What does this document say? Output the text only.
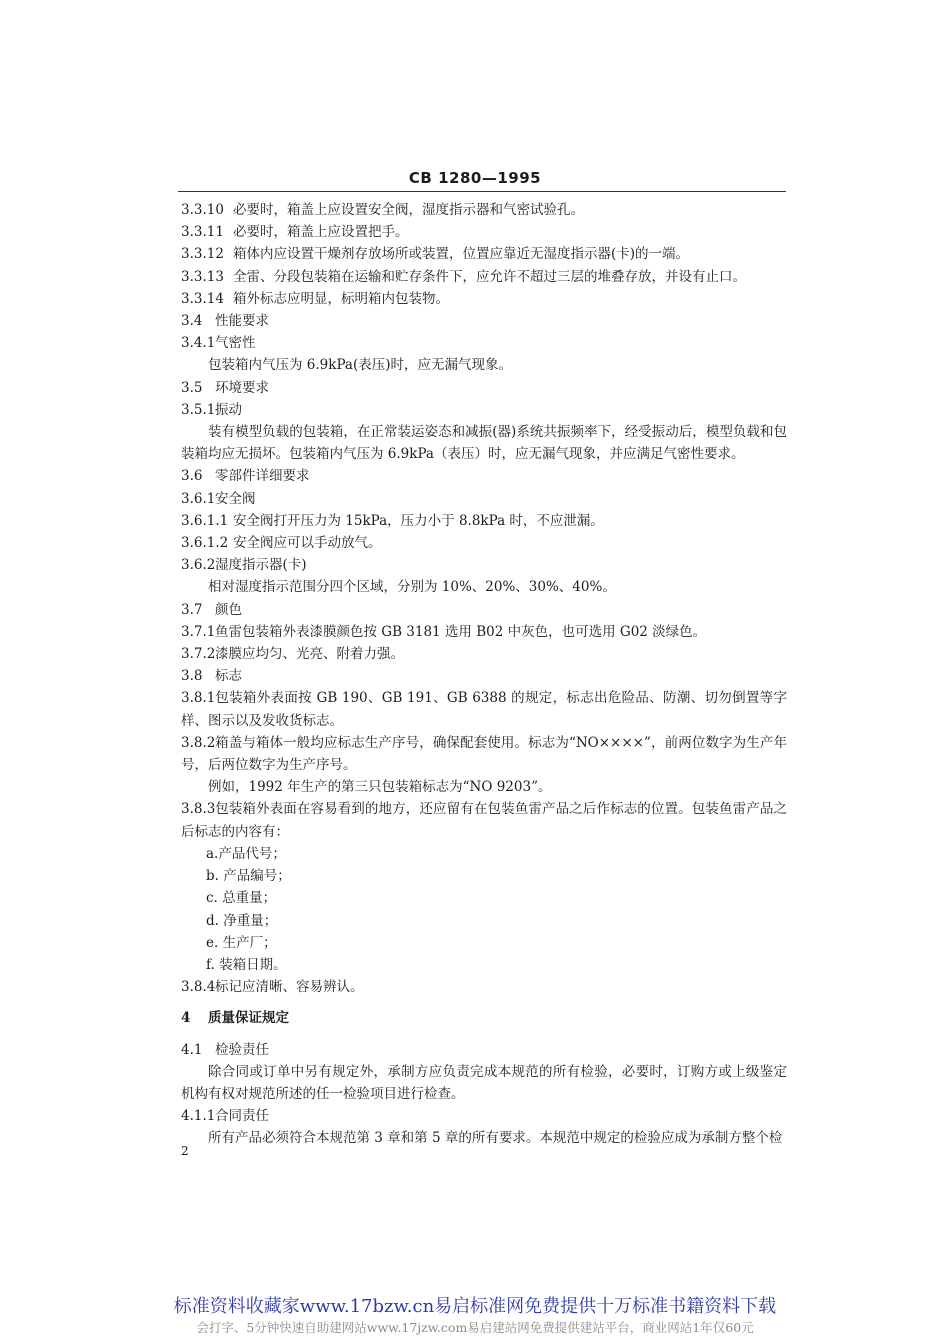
CB 1280—1995
3.3.10 必要时，箱盖上应设置安全阀，湿度指示器和气密试验孔。
3.3.11 必要时，箱盖上应设置把手。
3.3.12 箱体内应设置干燥剂存放场所或装置，位置应靠近无湿度指示器(卡)的一端。
3.3.13 全雷、分段包装箱在运输和贮存条件下，应允许不超过三层的堆叠存放，并设有止口。
3.3.14 箱外标志应明显，标明箱内包装物。
3.4 性能要求
3.4.1气密性
包装箱内气压为 6.9kPa(表压)时，应无漏气现象。
3.5 环境要求
3.5.1振动
装有模型负载的包装箱，在正常装运姿态和减振(器)系统共振频率下，经受振动后，模型负载和包装箱均应无损坏。包装箱内气压为 6.9kPa（表压）时，应无漏气现象，并应满足气密性要求。
3.6 零部件详细要求
3.6.1安全阀
3.6.1.1 安全阀打开压力为 15kPa，压力小于 8.8kPa 时，不应泄漏。
3.6.1.2 安全阀应可以手动放气。
3.6.2湿度指示器(卡)
相对湿度指示范围分四个区域，分别为 10%、20%、30%、40%。
3.7 颜色
3.7.1鱼雷包装箱外表漆膜颜色按 GB 3181 选用 B02 中灰色，也可选用 G02 淡绿色。
3.7.2漆膜应均匀、光亮、附着力强。
3.8 标志
3.8.1包装箱外表面按 GB 190、GB 191、GB 6388 的规定，标志出危险品、防潮、切勿倒置等字样、图示以及发收货标志。
3.8.2箱盖与箱体一般均应标志生产序号，确保配套使用。标志为“NO××××”，前两位数字为生产年号，后两位数字为生产序号。
例如，1992 年生产的第三只包装箱标志为“NO 9203”。
3.8.3包装箱外表面在容易看到的地方，还应留有在包装鱼雷产品之后作标志的位置。包装鱼雷产品之后标志的内容有：
a.产品代号；
b. 产品编号；
c. 总重量；
d. 净重量；
e. 生产厂；
f. 装箱日期。
3.8.4标记应清晰、容易辨认。
4 质量保证规定
4.1 检验责任
除合同或订单中另有规定外，承制方应负责完成本规范的所有检验，必要时，订购方或上级鉴定机构有权对规范所述的任一检验项目进行检查。
4.1.1合同责任
所有产品必须符合本规范第 3 章和第 5 章的所有要求。本规范中规定的检验应成为承制方整个检
2
标准资料收藏家www.17bzw.cn易启标准网免费提供十万标准书籍资料下载
会打字、5分钟快速自助建网站www.17jzw.com易启建站网免费提供建站平台，商业网站1年仅60元
